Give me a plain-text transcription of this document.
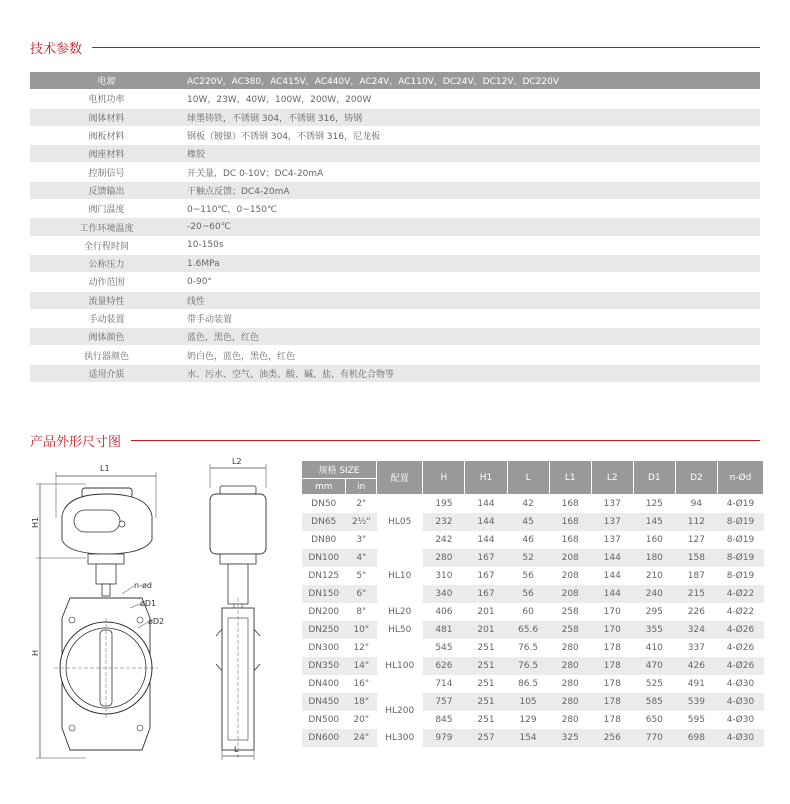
技术参数
电源	AC220V，AC380，AC415V，AC440V，AC24V，AC110V，DC24V，DC12V，DC220V
电机功率	10W，23W，40W，100W，200W，200W
阀体材料	球墨铸铁，不锈钢 304，不锈钢 316，铸钢
阀板材料	钢板（镀镍）不锈钢 304，不锈钢 316，尼龙板
阀座材料	橡胶
控制信号	开关量，DC 0-10V；DC4-20mA
反馈输出	干触点反馈；DC4-20mA
阀门温度	0~110℃，0~150℃
工作环境温度	-20~60℃
全行程时间	10-150s
公称压力	1.6MPa
动作范围	0-90°
流量特性	线性
手动装置	带手动装置
阀体颜色	蓝色，黑色，红色
执行器颜色	奶白色，蓝色，黑色，红色
适用介质	水、污水、空气、油类、酸、碱、盐、有机化合物等
产品外形尺寸图
L1
H1
H
n-ød
øD1
øD2
L2
L
规格 SIZE		配置	H	H1	L	L1	L2	D1	D2	n-Ød
mm	in									
DN50	2"	HL05	195	144	42	168	137	125	94	4-Ø19
DN65	2½"		232	144	45	168	137	145	112	8-Ø19
DN80	3"		242	144	46	168	137	160	127	8-Ø19
DN100	4"	HL10	280	167	52	208	144	180	158	8-Ø19
DN125	5"		310	167	56	208	144	210	187	8-Ø19
DN150	6"		340	167	56	208	144	240	215	4-Ø22
DN200	8"	HL20	406	201	60	258	170	295	226	4-Ø22
DN250	10"	HL50	481	201	65.6	258	170	355	324	4-Ø26
DN300	12"	HL100	545	251	76.5	280	178	410	337	4-Ø26
DN350	14"		626	251	76.5	280	178	470	426	4-Ø26
DN400	16"		714	251	86.5	280	178	525	491	4-Ø30
DN450	18"	HL200	757	251	105	280	178	585	539	4-Ø30
DN500	20"		845	251	129	280	178	650	595	4-Ø30
DN600	24"	HL300	979	257	154	325	256	770	698	4-Ø30
